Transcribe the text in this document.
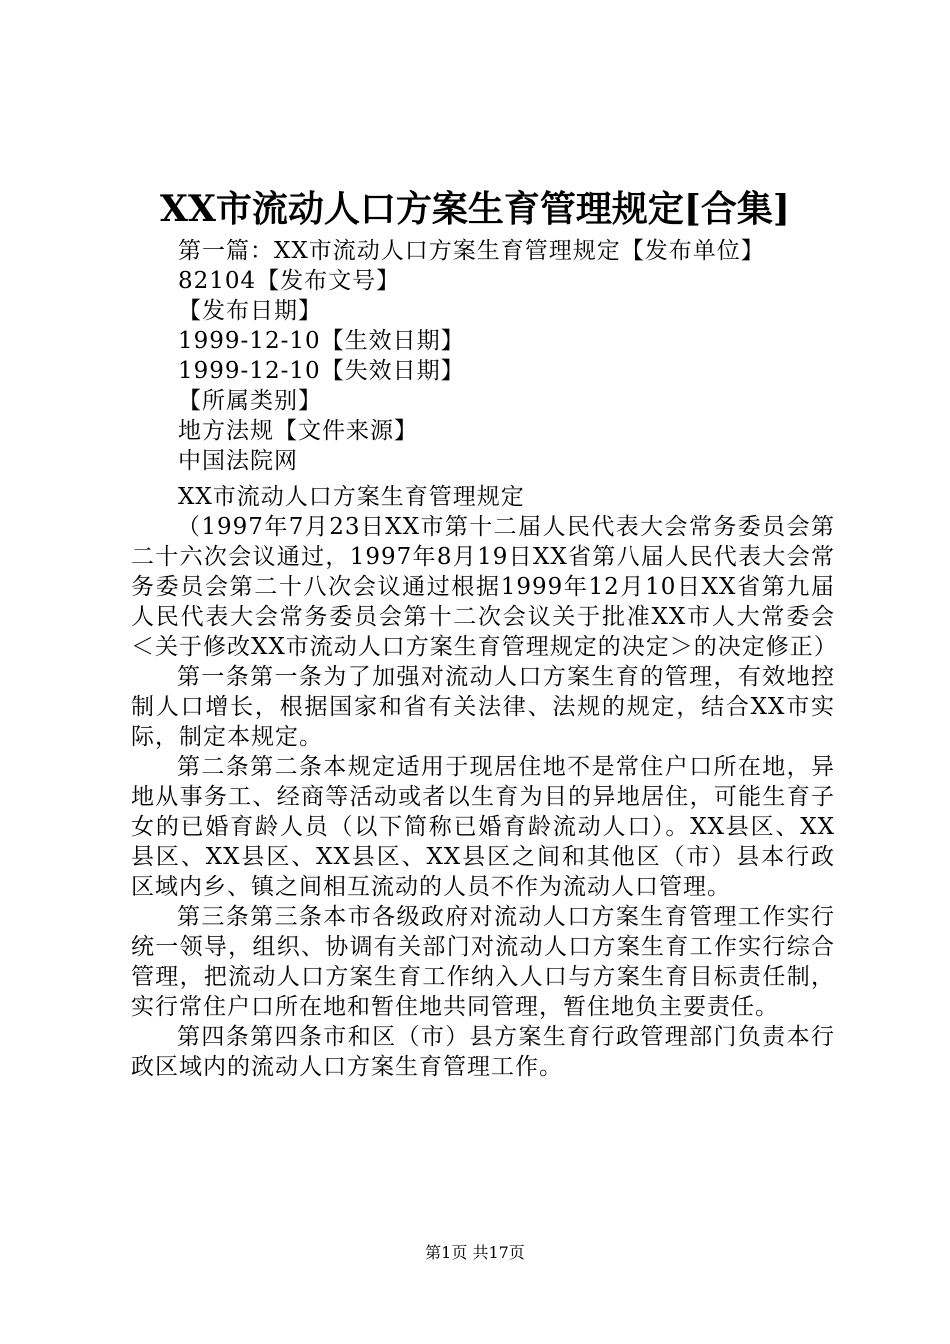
XX市流动人口方案生育管理规定[合集]
第一篇：XX市流动人口方案生育管理规定【发布单位】
82104【发布文号】
【发布日期】
1999-12-10【生效日期】
1999-12-10【失效日期】
【所属类别】
地方法规【文件来源】
中国法院网
XX市流动人口方案生育管理规定

（1997年7月23日XX市第十二届人民代表大会常务委员会第二十六次会议通过，1997年8月19日XX省第八届人民代表大会常务委员会第二十八次会议通过根据1999年12月10日XX省第九届人民代表大会常务委员会第十二次会议关于批准XX市人大常委会＜关于修改XX市流动人口方案生育管理规定的决定＞的决定修正）

第一条第一条为了加强对流动人口方案生育的管理，有效地控制人口增长，根据国家和省有关法律、法规的规定，结合XX市实际，制定本规定。

第二条第二条本规定适用于现居住地不是常住户口所在地，异地从事务工、经商等活动或者以生育为目的异地居住，可能生育子女的已婚育龄人员（以下简称已婚育龄流动人口）。XX县区、XX县区、XX县区、XX县区、XX县区之间和其他区（市）县本行政区域内乡、镇之间相互流动的人员不作为流动人口管理。

第三条第三条本市各级政府对流动人口方案生育管理工作实行统一领导，组织、协调有关部门对流动人口方案生育工作实行综合管理，把流动人口方案生育工作纳入人口与方案生育目标责任制，实行常住户口所在地和暂住地共同管理，暂住地负主要责任。

第四条第四条市和区（市）县方案生育行政管理部门负责本行政区域内的流动人口方案生育管理工作。

第1页 共17页
